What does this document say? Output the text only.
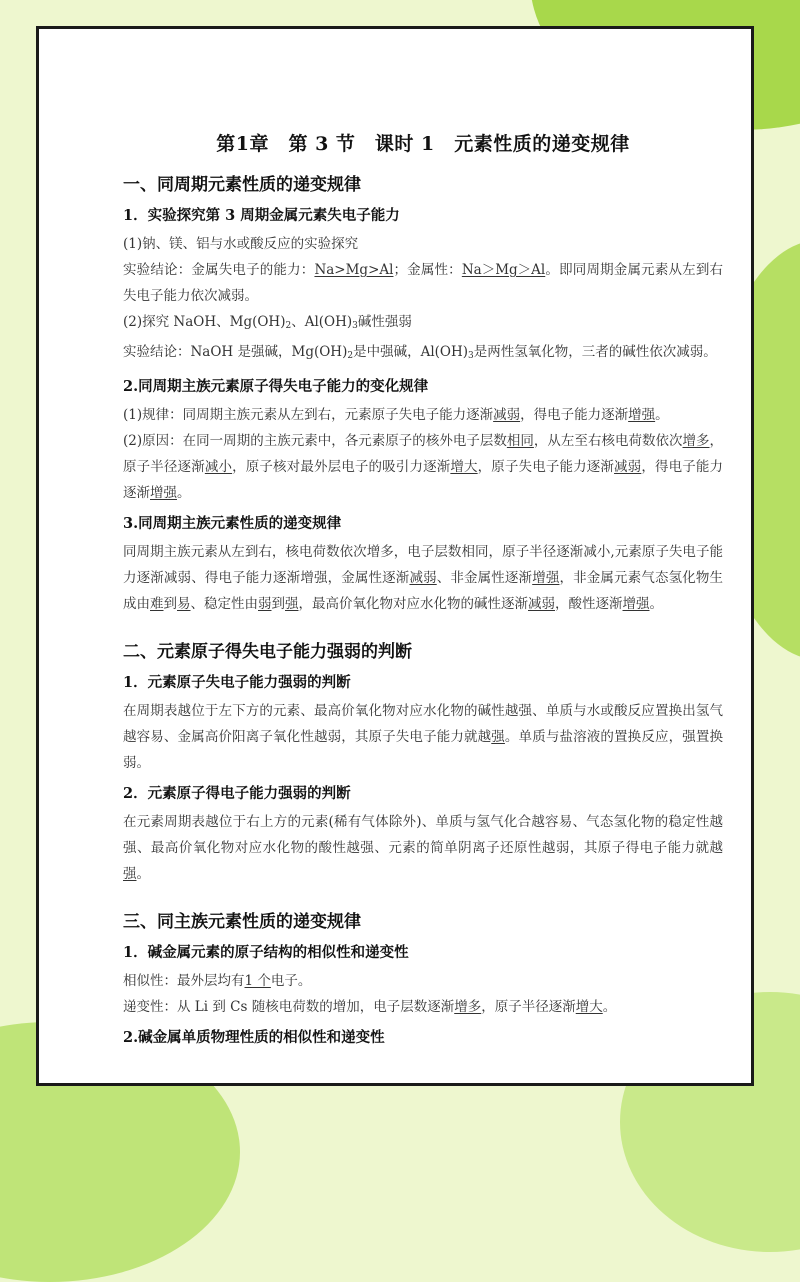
第1章　第 3 节　课时 1　元素性质的递变规律
一、同周期元素性质的递变规律
1．实验探究第 3 周期金属元素失电子能力
(1)钠、镁、铝与水或酸反应的实验探究
实验结论：金属失电子的能力：Na>Mg>Al；金属性：Na＞Mg＞Al。即同周期金属元素从左到右失电子能力依次减弱。
(2)探究 NaOH、$Mg(OH)_2$、$Al(OH)_3$碱性强弱
实验结论：NaOH 是强碱，$Mg(OH)_2$是中强碱，$Al(OH)_3$是两性氢氧化物，三者的碱性依次减弱。
2.同周期主族元素原子得失电子能力的变化规律
(1)规律：同周期主族元素从左到右，元素原子失电子能力逐渐减弱，得电子能力逐渐增强。
(2)原因：在同一周期的主族元素中，各元素原子的核外电子层数相同，从左至右核电荷数依次增多，原子半径逐渐减小，原子核对最外层电子的吸引力逐渐增大，原子失电子能力逐渐减弱，得电子能力逐渐增强。
3.同周期主族元素性质的递变规律
同周期主族元素从左到右，核电荷数依次增多，电子层数相同，原子半径逐渐减小,元素原子失电子能力逐渐减弱、得电子能力逐渐增强，金属性逐渐减弱、非金属性逐渐增强，非金属元素气态氢化物生成由难到易、稳定性由弱到强，最高价氧化物对应水化物的碱性逐渐减弱，酸性逐渐增强。
二、元素原子得失电子能力强弱的判断
1．元素原子失电子能力强弱的判断
在周期表越位于左下方的元素、最高价氧化物对应水化物的碱性越强、单质与水或酸反应置换出氢气越容易、金属高价阳离子氧化性越弱，其原子失电子能力就越强。单质与盐溶液的置换反应，强置换弱。
2．元素原子得电子能力强弱的判断
在元素周期表越位于右上方的元素(稀有气体除外)、单质与氢气化合越容易、气态氢化物的稳定性越强、最高价氧化物对应水化物的酸性越强、元素的简单阴离子还原性越弱，其原子得电子能力就越强。
三、同主族元素性质的递变规律
1．碱金属元素的原子结构的相似性和递变性
相似性：最外层均有1 个电子。
递变性：从 Li 到 Cs 随核电荷数的增加，电子层数逐渐增多，原子半径逐渐增大。
2.碱金属单质物理性质的相似性和递变性
